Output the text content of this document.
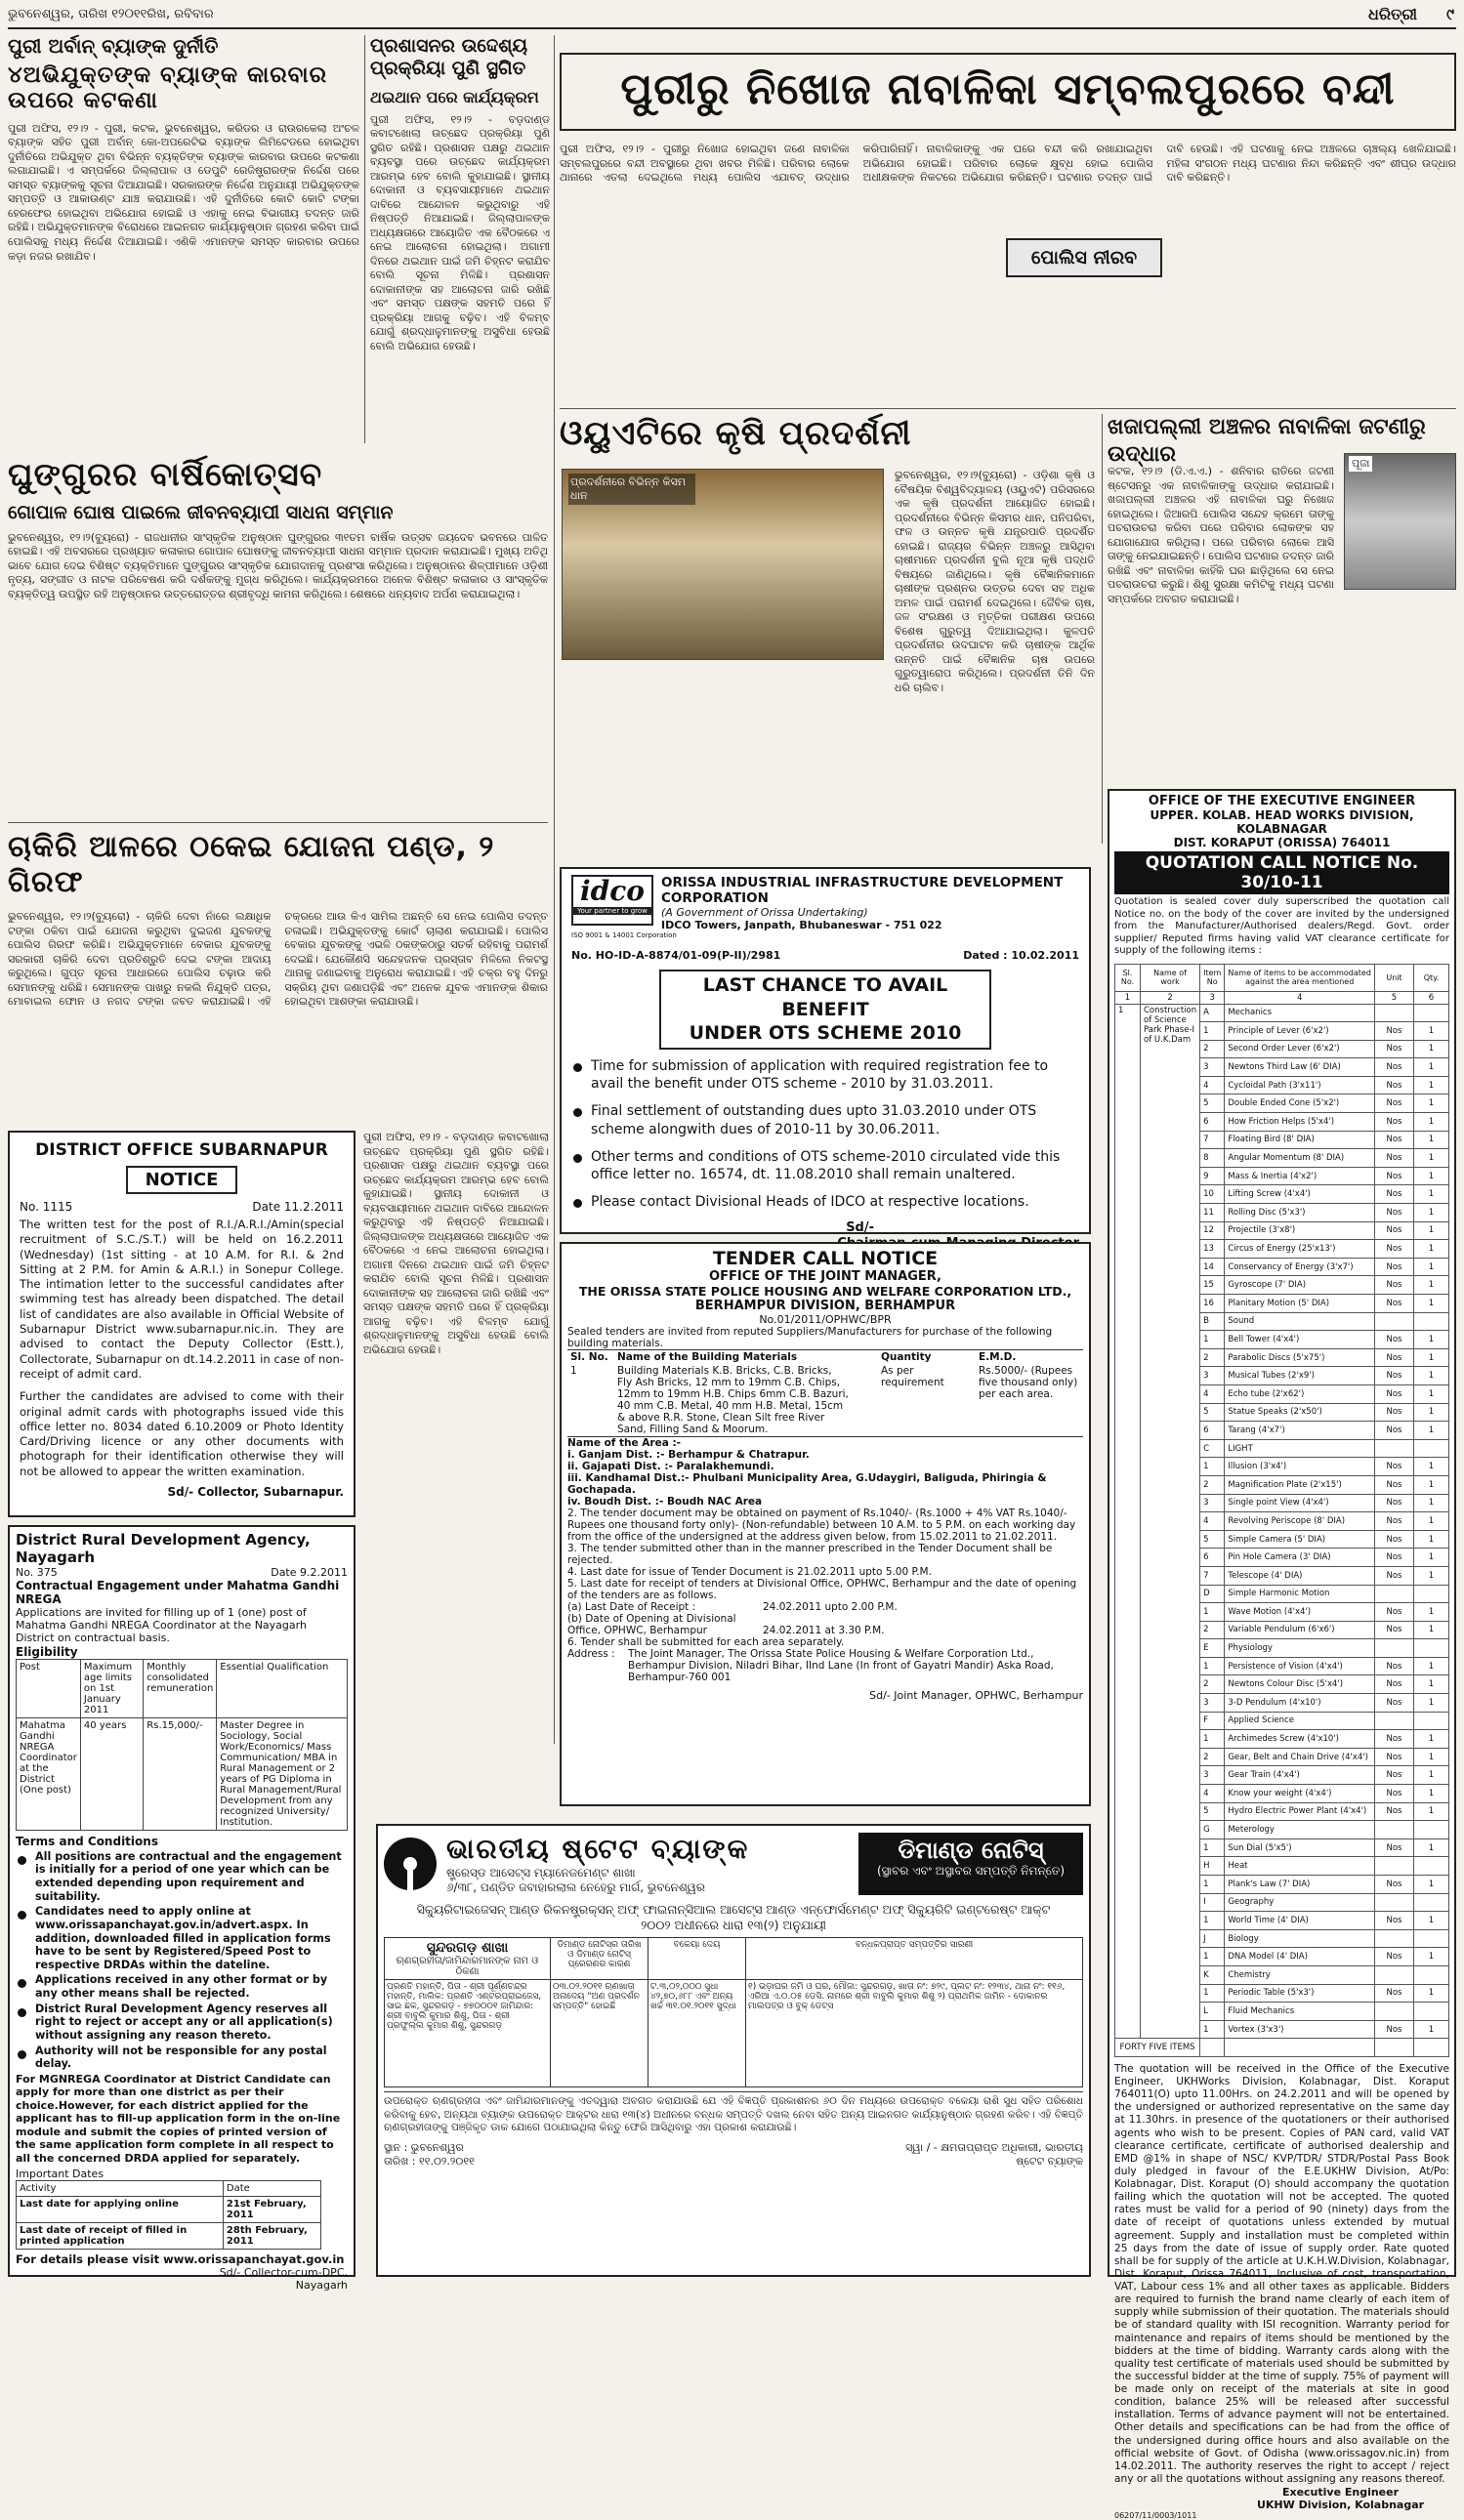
ଭୁବନେଶ୍ୱର, ତାରିଖ ୧୨୦୧୧ରିଖ, ରବିବାର	ଧରିତ୍ରୀ ୯
ପୁରୀ ଅର୍ବାନ୍ ବ୍ୟାଙ୍କ ଦୁର୍ନୀତି
୪ଅଭିଯୁକ୍ତଙ୍କ ବ୍ୟାଙ୍କ କାରବାର ଉପରେ କଟକଣା
ପୁରୀ ଅଫିସ, ୧୨।୨ - ପୁରୀ, କଟକ, ଭୁବନେଶ୍ୱର, କରିଡର ଓ ରାଉରକେଲା ଅଂଚଳ ବ୍ୟାଙ୍କ ସହିତ ପୁରୀ ଅର୍ବାନ୍ କୋ-ଅପରେଟିଭ ବ୍ୟାଙ୍କ ଲିମିଟେଡରେ ହୋଇଥିବା ଦୁର୍ନୀତିରେ ଅଭିଯୁକ୍ତ ଥିବା ବିଭିନ୍ନ ବ୍ୟକ୍ତିଙ୍କ ବ୍ୟାଙ୍କ କାରବାର ଉପରେ କଟକଣା ଲଗାଯାଇଛି। ଏ ସମ୍ପର୍କରେ ଜିଲ୍ଲାପାଳ ଓ ଡେପୁଟି ରେଜିଷ୍ଟ୍ରାରଙ୍କ ନିର୍ଦ୍ଦେଶ ପରେ ସମସ୍ତ ବ୍ୟାଙ୍କକୁ ସୂଚନା ଦିଆଯାଇଛି। ସରକାରଙ୍କ ନିର୍ଦ୍ଦେଶ ଅନୁଯାୟୀ ଅଭିଯୁକ୍ତଙ୍କ ସମ୍ପତ୍ତି ଓ ଆକାଉଣ୍ଟ ଯାଞ୍ଚ କରାଯାଉଛି। ଏହି ଦୁର୍ନୀତିରେ କୋଟି କୋଟି ଟଙ୍କା ହେରଫେର ହୋଇଥିବା ଅଭିଯୋଗ ହୋଇଛି ଓ ଏହାକୁ ନେଇ ବିଭାଗୀୟ ତଦନ୍ତ ଜାରି ରହିଛି। ଅଭିଯୁକ୍ତମାନଙ୍କ ବିରୋଧରେ ଆଇନଗତ କାର୍ଯ୍ୟାନୁଷ୍ଠାନ ଗ୍ରହଣ କରିବା ପାଇଁ ପୋଲିସକୁ ମଧ୍ୟ ନିର୍ଦ୍ଦେଶ ଦିଆଯାଇଛି। ଏଣିକି ଏମାନଙ୍କ ସମସ୍ତ କାରବାର ଉପରେ କଡ଼ା ନଜର ରଖାଯିବ।
ପ୍ରଶାସନର ଉଦ୍ଦେଶ୍ୟ ପ୍ରକ୍ରିୟା ପୁଣି ସ୍ଥଗିତ
ଥଇଥାନ ପରେ କାର୍ଯ୍ୟକ୍ରମ
ପୁରୀ ଅଫିସ, ୧୨।୨ - ବଡ଼ଦାଣ୍ଡ କବାଟଖୋଲା ଉଚ୍ଛେଦ ପ୍ରକ୍ରିୟା ପୁଣି ସ୍ଥଗିତ ରହିଛି। ପ୍ରଶାସନ ପକ୍ଷରୁ ଥଇଥାନ ବ୍ୟବସ୍ଥା ପରେ ଉଚ୍ଛେଦ କାର୍ଯ୍ୟକ୍ରମ ଆରମ୍ଭ ହେବ ବୋଲି କୁହାଯାଇଛି। ସ୍ଥାନୀୟ ଦୋକାନୀ ଓ ବ୍ୟବସାୟୀମାନେ ଥଇଥାନ ଦାବିରେ ଆନ୍ଦୋଳନ କରୁଥିବାରୁ ଏହି ନିଷ୍ପତ୍ତି ନିଆଯାଇଛି। ଜିଲ୍ଲାପାଳଙ୍କ ଅଧ୍ୟକ୍ଷତାରେ ଆୟୋଜିତ ଏକ ବୈଠକରେ ଏ ନେଇ ଆଲୋଚନା ହୋଇଥିଲା। ଅଗାମୀ ଦିନରେ ଥଇଥାନ ପାଇଁ ଜମି ଚିହ୍ନଟ କରାଯିବ ବୋଲି ସୂଚନା ମିଳିଛି। ପ୍ରଶାସନ ଦୋକାନୀଙ୍କ ସହ ଆଲୋଚନା ଜାରି ରଖିଛି ଏବଂ ସମସ୍ତ ପକ୍ଷଙ୍କ ସହମତି ପରେ ହିଁ ପ୍ରକ୍ରିୟା ଆଗକୁ ବଢ଼ିବ। ଏହି ବିଳମ୍ବ ଯୋଗୁଁ ଶ୍ରଦ୍ଧାଳୁମାନଙ୍କୁ ଅସୁବିଧା ହେଉଛି ବୋଲି ଅଭିଯୋଗ ହେଉଛି।
ପୁରୀରୁ ନିଖୋଜ ନାବାଳିକା ସମ୍ବଲପୁରରେ ବନ୍ଦୀ
ପୁରୀ ଅଫିସ, ୧୨।୨ - ପୁରୀରୁ ନିଖୋଜ ହୋଇଥିବା ଜଣେ ନାବାଳିକା ସମ୍ବଲପୁରରେ ବନ୍ଦୀ ଅବସ୍ଥାରେ ଥିବା ଖବର ମିଳିଛି। ପରିବାର ଲୋକେ ଥାନାରେ ଏତଲା ଦେଇଥିଲେ ମଧ୍ୟ ପୋଲିସ ଏଯାବତ୍ ଉଦ୍ଧାର କରିପାରିନାହିଁ। ନାବାଳିକାଙ୍କୁ ଏକ ଘରେ ବନ୍ଦୀ କରି ରଖାଯାଇଥିବା ଅଭିଯୋଗ ହୋଇଛି। ପରିବାର ଲୋକେ କ୍ଷୁବ୍ଧ ହୋଇ ପୋଲିସ ଅଧୀକ୍ଷକଙ୍କ ନିକଟରେ ଅଭିଯୋଗ କରିଛନ୍ତି। ଘଟଣାର ତଦନ୍ତ ପାଇଁ ଦାବି ହେଉଛି। ଏହି ଘଟଣାକୁ ନେଇ ଅଞ୍ଚଳରେ ଚାଞ୍ଚଲ୍ୟ ଖେଳିଯାଇଛି। ମହିଳା ସଂଗଠନ ମଧ୍ୟ ଘଟଣାର ନିନ୍ଦା କରିଛନ୍ତି ଏବଂ ଶୀଘ୍ର ଉଦ୍ଧାର ଦାବି କରିଛନ୍ତି।
ପୋଲିସ ନୀରବ
ଘୁଙ୍ଗୁରର ବାର୍ଷିକୋତ୍ସବ
ଗୋପାଳ ଘୋଷ ପାଇଲେ ଜୀବନବ୍ୟାପୀ ସାଧନା ସମ୍ମାନ
ଭୁବନେଶ୍ୱର, ୧୨।୨(ବ୍ୟୁରୋ) - ରାଜଧାନୀର ସାଂସ୍କୃତିକ ଅନୁଷ୍ଠାନ ଘୁଙ୍ଗୁରର ୩୧ତମ ବାର୍ଷିକ ଉତ୍ସବ ଜୟଦେବ ଭବନରେ ପାଳିତ ହୋଇଛି। ଏହି ଅବସରରେ ପ୍ରଖ୍ୟାତ କଳାକାର ଗୋପାଳ ଘୋଷଙ୍କୁ ଜୀବନବ୍ୟାପୀ ସାଧନା ସମ୍ମାନ ପ୍ରଦାନ କରାଯାଇଛି। ମୁଖ୍ୟ ଅତିଥି ଭାବେ ଯୋଗ ଦେଇ ବିଶିଷ୍ଟ ବ୍ୟକ୍ତିମାନେ ଘୁଙ୍ଗୁରର ସାଂସ୍କୃତିକ ଯୋଗଦାନକୁ ପ୍ରଶଂସା କରିଥିଲେ। ଅନୁଷ୍ଠାନର ଶିଳ୍ପୀମାନେ ଓଡ଼ିଶୀ ନୃତ୍ୟ, ସଙ୍ଗୀତ ଓ ନାଟକ ପରିବେଷଣ କରି ଦର୍ଶକଙ୍କୁ ମୁଗ୍ଧ କରିଥିଲେ। କାର୍ଯ୍ୟକ୍ରମରେ ଅନେକ ବିଶିଷ୍ଟ କଳାକାର ଓ ସାଂସ୍କୃତିକ ବ୍ୟକ୍ତିତ୍ୱ ଉପସ୍ଥିତ ରହି ଅନୁଷ୍ଠାନର ଉତ୍ତରୋତ୍ତର ଶ୍ରୀବୃଦ୍ଧି କାମନା କରିଥିଲେ। ଶେଷରେ ଧନ୍ୟବାଦ ଅର୍ପଣ କରାଯାଇଥିଲା।
ଓୟୁଏଟିରେ କୃଷି ପ୍ରଦର୍ଶନୀ
ପ୍ରଦର୍ଶନୀରେ ବିଭିନ୍ନ କିସମ ଧାନ
ଭୁବନେଶ୍ୱର, ୧୨।୨(ବ୍ୟୁରୋ) - ଓଡ଼ିଶା କୃଷି ଓ ବୈଷୟିକ ବିଶ୍ୱବିଦ୍ୟାଳୟ (ଓୟୁଏଟି) ପରିସରରେ ଏକ କୃଷି ପ୍ରଦର୍ଶନୀ ଆୟୋଜିତ ହୋଇଛି। ପ୍ରଦର୍ଶନୀରେ ବିଭିନ୍ନ କିସମର ଧାନ, ପନିପରିବା, ଫଳ ଓ ଉନ୍ନତ କୃଷି ଯନ୍ତ୍ରପାତି ପ୍ରଦର୍ଶିତ ହୋଇଛି। ରାଜ୍ୟର ବିଭିନ୍ନ ଅଞ୍ଚଳରୁ ଆସିଥିବା ଚାଷୀମାନେ ପ୍ରଦର୍ଶନୀ ବୁଲି ନୂଆ କୃଷି ପଦ୍ଧତି ବିଷୟରେ ଜାଣିଥିଲେ। କୃଷି ବୈଜ୍ଞାନିକମାନେ ଚାଷୀଙ୍କ ପ୍ରଶ୍ନର ଉତ୍ତର ଦେବା ସହ ଅଧିକ ଅମଳ ପାଇଁ ପରାମର୍ଶ ଦେଇଥିଲେ। ଜୈବିକ ଚାଷ, ଜଳ ସଂରକ୍ଷଣ ଓ ମୃତ୍ତିକା ପରୀକ୍ଷଣ ଉପରେ ବିଶେଷ ଗୁରୁତ୍ୱ ଦିଆଯାଇଥିଲା। କୁଳପତି ପ୍ରଦର୍ଶନୀର ଉଦଘାଟନ କରି ଚାଷୀଙ୍କ ଆର୍ଥିକ ଉନ୍ନତି ପାଇଁ ବୈଜ୍ଞାନିକ ଚାଷ ଉପରେ ଗୁରୁତ୍ୱାରୋପ କରିଥିଲେ। ପ୍ରଦର୍ଶନୀ ତିନି ଦିନ ଧରି ଚାଲିବ।
ଖଜାପଲ୍ଲୀ ଅଞ୍ଚଳର ନାବାଳିକା ଜଟଣୀରୁ ଉଦ୍ଧାର	ପୂଜା
କଟକ, ୧୨।୨ (ଡି.ଏ.ଏ.) - ଶନିବାର ରାତିରେ ଜଟଣୀ ଷ୍ଟେସନରୁ ଏକ ନାବାଳିକାଙ୍କୁ ଉଦ୍ଧାର କରାଯାଇଛି। ଖଜାପଲ୍ଲୀ ଅଞ୍ଚଳର ଏହି ନାବାଳିକା ଘରୁ ନିଖୋଜ ହୋଇଥିଲେ। ଜିଆରପି ପୋଲିସ ସନ୍ଦେହ କ୍ରମେ ତାଙ୍କୁ ପଚରାଉଚରା କରିବା ପରେ ପରିବାର ଲୋକଙ୍କ ସହ ଯୋଗାଯୋଗ କରିଥିଲା। ପରେ ପରିବାର ଲୋକେ ଆସି ତାଙ୍କୁ ନେଇଯାଇଛନ୍ତି। ପୋଲିସ ଘଟଣାର ତଦନ୍ତ ଜାରି ରଖିଛି ଏବଂ ନାବାଳିକା କାହିଁକି ଘର ଛାଡ଼ିଥିଲେ ସେ ନେଇ ପଚରାଉଚରା କରୁଛି। ଶିଶୁ ସୁରକ୍ଷା କମିଟିକୁ ମଧ୍ୟ ଘଟଣା ସମ୍ପର୍କରେ ଅବଗତ କରାଯାଇଛି।
ଚାକିରି ଆଳରେ ଠକେଇ ଯୋଜନା ପଣ୍ଡ, ୨ ଗିରଫ
ଭୁବନେଶ୍ୱର, ୧୨।୨(ବ୍ୟୁରୋ) - ଚାକିରି ଦେବା ନାଁରେ ଲକ୍ଷାଧିକ ଟଙ୍କା ଠକିବା ପାଇଁ ଯୋଜନା କରୁଥିବା ଦୁଇଜଣ ଯୁବକଙ୍କୁ ପୋଲିସ ଗିରଫ କରିଛି। ଅଭିଯୁକ୍ତମାନେ ବେକାର ଯୁବକଙ୍କୁ ସରକାରୀ ଚାକିରି ଦେବା ପ୍ରତିଶ୍ରୁତି ଦେଇ ଟଙ୍କା ଆଦାୟ କରୁଥିଲେ। ଗୁପ୍ତ ସୂଚନା ଆଧାରରେ ପୋଲିସ ଚଢ଼ାଉ କରି ସେମାନଙ୍କୁ ଧରିଛି। ସେମାନଙ୍କ ପାଖରୁ ନକଲି ନିଯୁକ୍ତି ପତ୍ର, ମୋବାଇଲ ଫୋନ ଓ ନଗଦ ଟଙ୍କା ଜବତ କରାଯାଇଛି। ଏହି ଚକ୍ରରେ ଆଉ କିଏ ସାମିଲ ଅଛନ୍ତି ସେ ନେଇ ପୋଲିସ ତଦନ୍ତ ଚଳାଇଛି। ଅଭିଯୁକ୍ତଙ୍କୁ କୋର୍ଟ ଚାଲାଣ କରାଯାଇଛି। ପୋଲିସ ବେକାର ଯୁବକଙ୍କୁ ଏଭଳି ଠକଙ୍କଠାରୁ ସତର୍କ ରହିବାକୁ ପରାମର୍ଶ ଦେଇଛି। ଯେକୌଣସି ସନ୍ଦେହଜନକ ପ୍ରସ୍ତାବ ମିଳିଲେ ନିକଟସ୍ଥ ଥାନାକୁ ଜଣାଇବାକୁ ଅନୁରୋଧ କରାଯାଇଛି। ଏହି ଚକ୍ର ବହୁ ଦିନରୁ ସକ୍ରିୟ ଥିବା ଜଣାପଡ଼ିଛି ଏବଂ ଅନେକ ଯୁବକ ଏମାନଙ୍କ ଶିକାର ହୋଇଥିବା ଆଶଙ୍କା କରାଯାଉଛି।
DISTRICT OFFICE SUBARNAPUR
NOTICE
No. 1115	Date 11.2.2011
The written test for the post of R.I./A.R.I./Amin(special recruitment of S.C./S.T.) will be held on 16.2.2011 (Wednesday) (1st sitting - at 10 A.M. for R.I. & 2nd Sitting at 2 P.M. for Amin & A.R.I.) in Sonepur College. The intimation letter to the successful candidates after swimming test has already been dispatched. The detail list of candidates are also available in Official Website of Subarnapur District www.subarnapur.nic.in. They are advised to contact the Deputy Collector (Estt.), Collectorate, Subarnapur on dt.14.2.2011 in case of non-receipt of admit card.
Further the candidates are advised to come with their original admit cards with photographs issued vide this office letter no. 8034 dated 6.10.2009 or Photo Identity Card/Driving licence or any other documents with photograph for their identification otherwise they will not be allowed to appear the written examination.
Sd/- Collector, Subarnapur.
ପୁରୀ ଅଫିସ, ୧୨।୨ - ବଡ଼ଦାଣ୍ଡ କବାଟଖୋଲା ଉଚ୍ଛେଦ ପ୍ରକ୍ରିୟା ପୁଣି ସ୍ଥଗିତ ରହିଛି। ପ୍ରଶାସନ ପକ୍ଷରୁ ଥଇଥାନ ବ୍ୟବସ୍ଥା ପରେ ଉଚ୍ଛେଦ କାର୍ଯ୍ୟକ୍ରମ ଆରମ୍ଭ ହେବ ବୋଲି କୁହାଯାଇଛି। ସ୍ଥାନୀୟ ଦୋକାନୀ ଓ ବ୍ୟବସାୟୀମାନେ ଥଇଥାନ ଦାବିରେ ଆନ୍ଦୋଳନ କରୁଥିବାରୁ ଏହି ନିଷ୍ପତ୍ତି ନିଆଯାଇଛି। ଜିଲ୍ଲାପାଳଙ୍କ ଅଧ୍ୟକ୍ଷତାରେ ଆୟୋଜିତ ଏକ ବୈଠକରେ ଏ ନେଇ ଆଲୋଚନା ହୋଇଥିଲା। ଅଗାମୀ ଦିନରେ ଥଇଥାନ ପାଇଁ ଜମି ଚିହ୍ନଟ କରାଯିବ ବୋଲି ସୂଚନା ମିଳିଛି। ପ୍ରଶାସନ ଦୋକାନୀଙ୍କ ସହ ଆଲୋଚନା ଜାରି ରଖିଛି ଏବଂ ସମସ୍ତ ପକ୍ଷଙ୍କ ସହମତି ପରେ ହିଁ ପ୍ରକ୍ରିୟା ଆଗକୁ ବଢ଼ିବ। ଏହି ବିଳମ୍ବ ଯୋଗୁଁ ଶ୍ରଦ୍ଧାଳୁମାନଙ୍କୁ ଅସୁବିଧା ହେଉଛି ବୋଲି ଅଭିଯୋଗ ହେଉଛି।
District Rural Development Agency, Nayagarh
No. 375	Date 9.2.2011
Contractual Engagement under Mahatma Gandhi NREGA
Applications are invited for filling up of 1 (one) post of Mahatma Gandhi NREGA Coordinator at the Nayagarh District on contractual basis.
Eligibility
Post	Maximum age limits on 1st January 2011	Monthly consolidated remuneration	Essential Qualification
Mahatma Gandhi NREGA Coordinator at the District (One post)	40 years	Rs.15,000/-	Master Degree in Sociology, Social Work/Economics/ Mass Communication/ MBA in Rural Management or 2 years of PG Diploma in Rural Management/Rural Development from any recognized University/ Institution.
Terms and Conditions
All positions are contractual and the engagement is initially for a period of one year which can be extended depending upon requirement and suitability.
Candidates need to apply online at www.orissapanchayat.gov.in/advert.aspx. In addition, downloaded filled in application forms have to be sent by Registered/Speed Post to respective DRDAs within the dateline.
Applications received in any other format or by any other means shall be rejected.
District Rural Development Agency reserves all right to reject or accept any or all application(s) without assigning any reason thereto.
Authority will not be responsible for any postal delay.
For MGNREGA Coordinator at District Candidate can apply for more than one district as per their choice.However, for each district applied for the applicant has to fill-up application form in the on-line module and submit the copies of printed version of the same application form complete in all respect to all the concerned DRDA applied for separately.
Important Dates
Activity	Date
Last date for applying online	21st February, 2011
Last date of receipt of filled in printed application	28th February, 2011
For details please visit www.orissapanchayat.gov.in
Sd/- Collector-cum-DPC, Nayagarh
idco
Your partner to grow
ORISSA INDUSTRIAL INFRASTRUCTURE DEVELOPMENT CORPORATION
(A Government of Orissa Undertaking)
IDCO Towers, Janpath, Bhubaneswar - 751 022
ISO 9001 & 14001 Corporation
No. HO-ID-A-8874/01-09(P-II)/2981	Dated : 10.02.2011
LAST CHANCE TO AVAIL BENEFIT
UNDER OTS SCHEME 2010
Time for submission of application with required registration fee to avail the benefit under OTS scheme - 2010 by 31.03.2011.
Final settlement of outstanding dues upto 31.03.2010 under OTS scheme alongwith dues of 2010-11 by 30.06.2011.
Other terms and conditions of OTS scheme-2010 circulated vide this office letter no. 16574, dt. 11.08.2010 shall remain unaltered.
Please contact Divisional Heads of IDCO at respective locations.
Sd/-
TENDER CALL NOTICE
OFFICE OF THE JOINT MANAGER,
THE ORISSA STATE POLICE HOUSING AND WELFARE CORPORATION LTD.,
BERHAMPUR DIVISION, BERHAMPUR
No.01/2011/OPHWC/BPR
Sealed tenders are invited from reputed Suppliers/Manufacturers for purchase of the following building materials.
Sl. No.	Name of the Building Materials	Quantity	E.M.D.
1	Building Materials K.B. Bricks, C.B. Bricks, Fly Ash Bricks, 12 mm to 19mm C.B. Chips, 12mm to 19mm H.B. Chips 6mm C.B. Bazuri, 40 mm C.B. Metal, 40 mm H.B. Metal, 15cm & above R.R. Stone, Clean Silt free River Sand, Filling Sand & Moorum.	As per requirement	Rs.5000/- (Rupees five thousand only) per each area.
Name of the Area :-
i. Ganjam Dist. :- Berhampur & Chatrapur.
ii. Gajapati Dist. :- Paralakhemundi.
iii. Kandhamal Dist.:- Phulbani Municipality Area, G.Udaygiri, Baliguda, Phiringia & Gochapada.
iv. Boudh Dist. :- Boudh NAC Area
2. The tender document may be obtained on payment of Rs.1040/- (Rs.1000 + 4% VAT Rs.1040/- Rupees one thousand forty only)- (Non-refundable) between 10 A.M. to 5 P.M. on each working day from the office of the undersigned at the address given below, from 15.02.2011 to 21.02.2011.
3. The tender submitted other than in the manner prescribed in the Tender Document shall be rejected.
4. Last date for issue of Tender Document is 21.02.2011 upto 5.00 P.M.
5. Last date for receipt of tenders at Divisional Office, OPHWC, Berhampur and the date of opening of the tenders are as follows.
(a) Last Date of Receipt :	24.02.2011 upto 2.00 P.M.
(b) Date of Opening at Divisional Office, OPHWC, Berhampur	24.02.2011 at 3.30 P.M.
6. Tender shall be submitted for each area separately.
Address :	The Joint Manager, The Orissa State Police Housing & Welfare Corporation Ltd., Berhampur Division, Niladri Bihar, IInd Lane (In front of Gayatri Mandir) Aska Road, Berhampur-760 001
Sd/- Joint Manager, OPHWC, Berhampur
OFFICE OF THE EXECUTIVE ENGINEER
UPPER. KOLAB. HEAD WORKS DIVISION, KOLABNAGAR
DIST. KORAPUT (ORISSA) 764011
QUOTATION CALL NOTICE No. 30/10-11
Quotation is sealed cover duly superscribed the quotation call Notice no. on the body of the cover are invited by the undersigned from the Manufacturer/Authorised dealers/Regd. Govt. order supplier/ Reputed firms having valid VAT clearance certificate for supply of the following items :
Sl. No.	Name of work	Item No	Name of items to be accommodated against the area mentioned	Unit	Qty.
1	2	3	4	5	6
1	Construction of Science Park Phase-I of U.K.Dam	A	Mechanics		
		1	Principle of Lever (6'x2')	Nos	1
		2	Second Order Lever (6'x2')	Nos	1
		3	Newtons Third Law (6' DIA)	Nos	1
		4	Cycloidal Path (3'x11')	Nos	1
		5	Double Ended Cone (5'x2')	Nos	1
		6	How Friction Helps (5'x4')	Nos	1
		7	Floating Bird (8' DIA)	Nos	1
		8	Angular Momentum (8' DIA)	Nos	1
		9	Mass & Inertia (4'x2')	Nos	1
		10	Lifting Screw (4'x4')	Nos	1
		11	Rolling Disc (5'x3')	Nos	1
		12	Projectile (3'x8')	Nos	1
		13	Circus of Energy (25'x13')	Nos	1
		14	Conservancy of Energy (3'x7')	Nos	1
		15	Gyroscope (7' DIA)	Nos	1
		16	Planitary Motion (5' DIA)	Nos	1
		B	Sound		
		1	Bell Tower (4'x4')	Nos	1
		2	Parabolic Discs (5'x75')	Nos	1
		3	Musical Tubes (2'x9')	Nos	1
		4	Echo tube (2'x62')	Nos	1
		5	Statue Speaks (2'x50')	Nos	1
		6	Tarang (4'x7')	Nos	1
		C	LIGHT		
		1	Illusion (3'x4')	Nos	1
		2	Magnification Plate (2'x15')	Nos	1
		3	Single point View (4'x4')	Nos	1
		4	Revolving Periscope (8' DIA)	Nos	1
		5	Simple Camera (5' DIA)	Nos	1
		6	Pin Hole Camera (3' DIA)	Nos	1
		7	Telescope (4' DIA)	Nos	1
		D	Simple Harmonic Motion		
		1	Wave Motion (4'x4')	Nos	1
		2	Variable Pendulum (6'x6')	Nos	1
		E	Physiology		
		1	Persistence of Vision (4'x4')	Nos	1
		2	Newtons Colour Disc (5'x4')	Nos	1
		3	3-D Pendulum (4'x10')	Nos	1
		F	Applied Science		
		1	Archimedes Screw (4'x10')	Nos	1
		2	Gear, Belt and Chain Drive (4'x4')	Nos	1
		3	Gear Train (4'x4')	Nos	1
		4	Know your weight (4'x4')	Nos	1
		5	Hydro Electric Power Plant (4'x4')	Nos	1
		G	Meterology		
		1	Sun Dial (5'x5')	Nos	1
		H	Heat		
		1	Plank's Law (7' DIA)	Nos	1
		I	Geography		
		1	World Time (4' DIA)	Nos	1
		J	Biology		
		1	DNA Model (4' DIA)	Nos	1
		K	Chemistry		
		1	Periodic Table (5'x3')	Nos	1
		L	Fluid Mechanics		
		1	Vortex (3'x3')	Nos	1
FORTY FIVE ITEMS					
The quotation will be received in the Office of the Executive Engineer, UKHWorks Division, Kolabnagar, Dist. Koraput 764011(O) upto 11.00Hrs. on 24.2.2011 and will be opened by the undersigned or authorized representative on the same day at 11.30hrs. in presence of the quotationers or their authorised agents who wish to be present. Copies of PAN card, valid VAT clearance certificate, certificate of authorised dealership and EMD @1% in shape of NSC/ KVP/TDR/ STDR/Postal Pass Book duly pledged in favour of the E.E.UKHW Division, At/Po: Kolabnagar, Dist. Koraput (O) should accompany the quotation failing which the quotation will not be accepted. The quoted rates must be valid for a period of 90 (ninety) days from the date of receipt of quotations unless extended by mutual agreement. Supply and installation must be completed within 25 days from the date of issue of supply order. Rate quoted shall be for supply of the article at U.K.H.W.Division, Kolabnagar, Dist. Koraput, Orissa 764011, Inclusive of cost, transportation, VAT, Labour cess 1% and all other taxes as applicable. Bidders are required to furnish the brand name clearly of each item of supply while submission of their quotation. The materials should be of standard quality with ISI recognition. Warranty period for maintenance and repairs of items should be mentioned by the bidders at the time of bidding. Warranty cards along with the quality test certificate of materials used should be submitted by the successful bidder at the time of supply. 75% of payment will be made only on receipt of the materials at site in good condition, balance 25% will be released after successful installation. Terms of advance payment will not be entertained. Other details and specifications can be had from the office of the undersigned during office hours and also available on the official website of Govt. of Odisha (www.orissagov.nic.in) from 14.02.2011. The authority reserves the right to accept / reject any or all the quotations without assigning any reasons thereof.
Executive Engineer
UKHW Division, Kolabnagar
06207/11/0003/1011
ଭାରତୀୟ ଷ୍ଟେଟ ବ୍ୟାଙ୍କ
ଷ୍ଟ୍ରେସ୍ଡ ଆସେଟ୍ସ ମ୍ୟାନେଜମେଣ୍ଟ ଶାଖା
୬/୩୮, ପଣ୍ଡିତ ଜବାହାରଲାଲ ନେହେରୁ ମାର୍ଗ, ଭୁବନେଶ୍ୱର
ଡିମାଣ୍ଡ ନୋଟିସ୍
(ସ୍ଥାବର ଏବଂ ଅସ୍ଥାବର ସମ୍ପତ୍ତି ନିମନ୍ତେ)
ସିକ୍ୟୁରିଟାଇଜେସନ୍ ଆଣ୍ଡ ରିକନଷ୍ଟ୍ରକ୍ସନ୍ ଅଫ୍ ଫାଇନାନ୍ସିଆଲ ଆସେଟ୍ସ ଆଣ୍ଡ ଏନ୍ଫୋର୍ସମେଣ୍ଟ ଅଫ୍ ସିକ୍ୟୁରିଟି ଇଣ୍ଟରେଷ୍ଟ ଆକ୍ଟ ୨୦୦୨ ଅଧୀନରେ ଧାରା ୧୩(୨) ଅନୁଯାୟୀ
ସୁନ୍ଦରଗଡ଼ ଶାଖା
ଋଣଗ୍ରହୀତା/ଜାମିନ୍ଦାରମାନଙ୍କ ନାମ ଓ ଠିକଣା	ଡିମାଣ୍ଡ ନୋଟିସ୍ର ତାରିଖ ଓ ଡିମାଣ୍ଡ ନୋଟିସ୍ ପ୍ରେରଣର କାରଣ	ବକେୟା ଦେୟ	ବନ୍ଧକପ୍ରାପ୍ତ ସମ୍ପତ୍ତିର ସାରଣୀ
ପ୍ରଣତି ମହାନ୍ତି, ପିତା - ଶ୍ରୀ ପୂର୍ଣ୍ଣଚନ୍ଦ୍ର ମହାନ୍ତି, ମାଲିକ: ପ୍ରଣତି ଏଣ୍ଟରପ୍ରାଇଜେସ, ସାଇ ଛକ, ସୁନ୍ଦରଗଡ଼ - ୭୭୦୦୦୧ ଜାମିନ୍ଦାର: ଶ୍ରୀ ବାବୁଲି କୁମାର ଶିଶୁ, ପିତା - ଶ୍ରୀ ପ୍ରଫୁଲ୍ଲ କୁମାର ଶିଶୁ, ସୁନ୍ଦରଗଡ଼	୦୩.୦୨.୨୦୧୧ ଋଣଖାତା ଅନାଦେୟ "ଅଣ ପ୍ରଦର୍ଶନ ସମ୍ପତ୍ତି" ହୋଇଛି	ଟ.୩,୦୨,୦୦୦ ସୁଧା ୪୨,୭୦,୬୮୮ ଏବଂ ଅନ୍ୟ ଖର୍ଚ୍ଚ ୩୧.୦୧.୨୦୧୧ ସୁଦ୍ଧା	୧) ଭଡ଼ାଘର ଜମି ଓ ଘର, ମୌଜା: ସୁନ୍ଦରଗଡ଼, ଖାତା ନଂ: ୭୨୯, ପ୍ଲଟ ନଂ: ୧୨୩୪, ଥାନା ନଂ: ୧୧୬, ଏରିଆ ଏ.୦.୦୫ ଡେସି. ନାମରେ ଶ୍ରୀ ବାବୁଲି କୁମାର ଶିଶୁ ୨) ପ୍ରାଥମିକ ଜାମିନ - ଦୋକାନର ମାଲପତ୍ର ଓ ବୁକ୍ ଡେଟ୍ସ
ଉପରୋକ୍ତ ଋଣଗ୍ରହୀତା ଏବଂ ଜାମିନ୍ଦାରମାନଙ୍କୁ ଏତଦ୍ୱାରା ଅବଗତ କରାଯାଉଛି ଯେ ଏହି ବିଜ୍ଞପ୍ତି ପ୍ରକାଶନର ୬୦ ଦିନ ମଧ୍ୟରେ ଉପରୋକ୍ତ ବକେୟା ରାଶି ସୁଧ ସହିତ ପରିଶୋଧ କରିବାକୁ ହେବ, ଅନ୍ୟଥା ବ୍ୟାଙ୍କ ଉପରୋକ୍ତ ଆକ୍ଟର ଧାରା ୧୩(୪) ଅଧୀନରେ ବନ୍ଧକ ସମ୍ପତ୍ତି ଦଖଲ ନେବା ସହିତ ଅନ୍ୟ ଆଇନଗତ କାର୍ଯ୍ୟାନୁଷ୍ଠାନ ଗ୍ରହଣ କରିବ। ଏହି ବିଜ୍ଞପ୍ତି ଋଣଗ୍ରହୀତାଙ୍କୁ ପଞ୍ଜିକୃତ ଡାକ ଯୋଗେ ପଠାଯାଇଥିଲା କିନ୍ତୁ ଫେରି ଆସିଥିବାରୁ ଏହା ପ୍ରକାଶ କରାଯାଉଛି।
ସ୍ଥାନ : ଭୁବନେଶ୍ୱର
ତାରିଖ : ୧୧.୦୨.୨୦୧୧
ସ୍ୱା / - କ୍ଷମତାପ୍ରାପ୍ତ ଅଧିକାରୀ, ଭାରତୀୟ ଷ୍ଟେଟ ବ୍ୟାଙ୍କ
